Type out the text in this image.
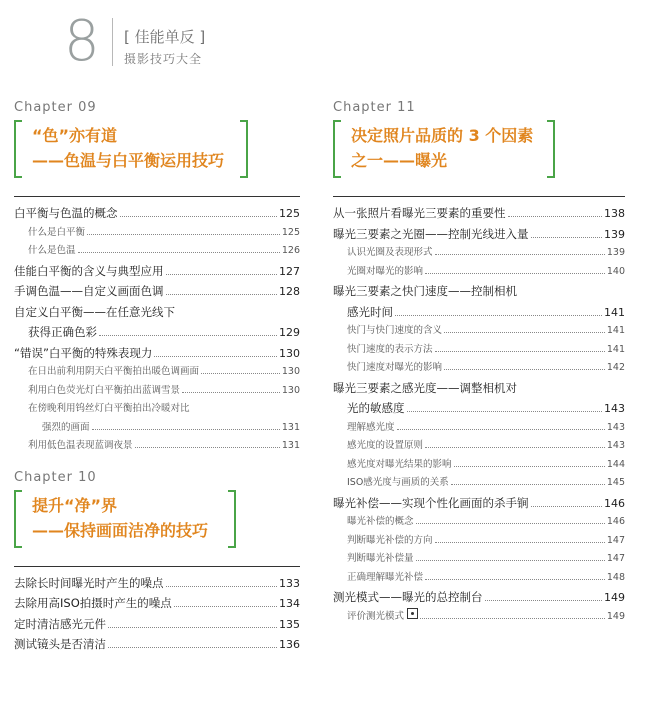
8 [ 佳能单反 ]
摄影技巧大全
Chapter 09
“色”亦有道
——色温与白平衡运用技巧
白平衡与色温的概念	125
什么是白平衡	125
什么是色温	126
佳能白平衡的含义与典型应用	127
手调色温——自定义画面色调	128
自定义白平衡——在任意光线下
获得正确色彩	129
“错误”白平衡的特殊表现力	130
在日出前利用阴天白平衡拍出暖色调画面	130
利用白色荧光灯白平衡拍出蓝调雪景	130
在傍晚利用钨丝灯白平衡拍出冷暖对比
强烈的画面	131
利用低色温表现蓝调夜景	131
Chapter 10
提升“净”界
——保持画面洁净的技巧
去除长时间曝光时产生的噪点	133
去除用高ISO拍摄时产生的噪点	134
定时清洁感光元件	135
测试镜头是否清洁	136
Chapter 11
决定照片品质的 3 个因素
之一——曝光
从一张照片看曝光三要素的重要性	138
曝光三要素之光圈——控制光线进入量	139
认识光圈及表现形式	139
光圈对曝光的影响	140
曝光三要素之快门速度——控制相机
感光时间	141
快门与快门速度的含义	141
快门速度的表示方法	141
快门速度对曝光的影响	142
曝光三要素之感光度——调整相机对
光的敏感度	143
理解感光度	143
感光度的设置原则	143
感光度对曝光结果的影响	144
ISO感光度与画质的关系	145
曝光补偿——实现个性化画面的杀手锏	146
曝光补偿的概念	146
判断曝光补偿的方向	147
判断曝光补偿量	147
正确理解曝光补偿	148
测光模式——曝光的总控制台	149
评价测光模式	149
